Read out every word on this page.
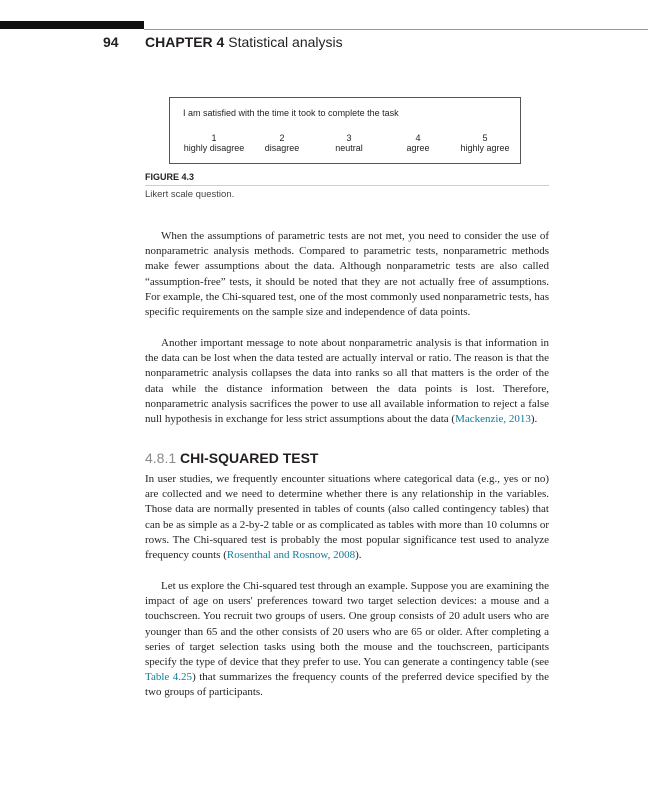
94 CHAPTER 4 Statistical analysis
I am satisfied with the time it took to complete the task
1
highly disagree
2
disagree
3
neutral
4
agree
5
highly agree
FIGURE 4.3
Likert scale question.

When the assumptions of parametric tests are not met, you need to consider the use of nonparametric analysis methods. Compared to parametric tests, nonparametric methods make fewer assumptions about the data. Although nonparametric tests are also called “assumption-free” tests, it should be noted that they are not actually free of assumptions. For example, the Chi-squared test, one of the most commonly used nonparametric tests, has specific requirements on the sample size and independence of data points.

Another important message to note about nonparametric analysis is that information in the data can be lost when the data tested are actually interval or ratio. The reason is that the nonparametric analysis collapses the data into ranks so all that matters is the order of the data while the distance information between the data points is lost. Therefore, nonparametric analysis sacrifices the power to use all available information to reject a false null hypothesis in exchange for less strict assumptions about the data (Mackenzie, 2013).

4.8.1 CHI-SQUARED TEST

In user studies, we frequently encounter situations where categorical data (e.g., yes or no) are collected and we need to determine whether there is any relationship in the variables. Those data are normally presented in tables of counts (also called contingency tables) that can be as simple as a 2-by-2 table or as complicated as tables with more than 10 columns or rows. The Chi-squared test is probably the most popular significance test used to analyze frequency counts (Rosenthal and Rosnow, 2008).

Let us explore the Chi-squared test through an example. Suppose you are examining the impact of age on users' preferences toward two target selection devices: a mouse and a touchscreen. You recruit two groups of users. One group consists of 20 adult users who are younger than 65 and the other consists of 20 users who are 65 or older. After completing a series of target selection tasks using both the mouse and the touchscreen, participants specify the type of device that they prefer to use. You can generate a contingency table (see Table 4.25) that summarizes the frequency counts of the preferred device specified by the two groups of participants.
